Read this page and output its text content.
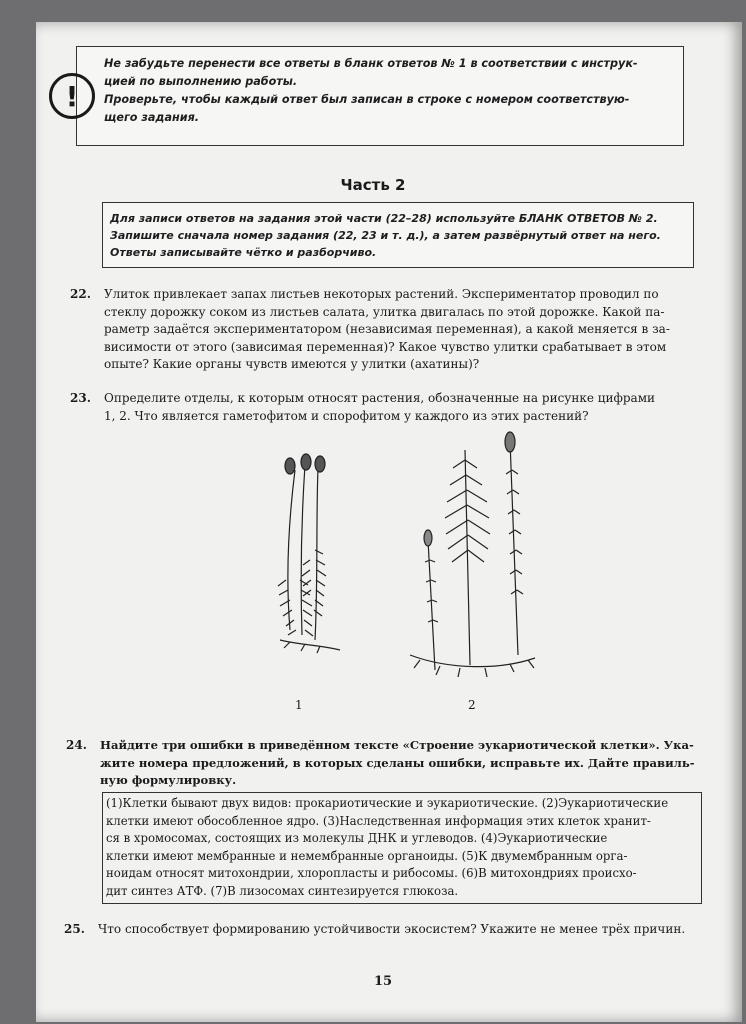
!
Не забудьте перенести все ответы в бланк ответов № 1 в соответствии с инструк-
цией по выполнению работы.
Проверьте, чтобы каждый ответ был записан в строке с номером соответствую-
щего задания.
Часть 2
Для записи ответов на задания этой части (22–28) используйте БЛАНК ОТВЕТОВ № 2.
Запишите сначала номер задания (22, 23 и т. д.), а затем развёрнутый ответ на него.
Ответы записывайте чётко и разборчиво.
22. Улиток привлекает запах листьев некоторых растений. Экспериментатор проводил по
стеклу дорожку соком из листьев салата, улитка двигалась по этой дорожке. Какой па-
раметр задаётся экспериментатором (независимая переменная), а какой меняется в за-
висимости от этого (зависимая переменная)? Какое чувство улитки срабатывает в этом
опыте? Какие органы чувств имеются у улитки (ахатины)?
23. Определите отделы, к которым относят растения, обозначенные на рисунке цифрами
1, 2. Что является гаметофитом и спорофитом у каждого из этих растений?
1	2
24. Найдите три ошибки в приведённом тексте «Строение эукариотической клетки». Ука-
жите номера предложений, в которых сделаны ошибки, исправьте их. Дайте правиль-
ную формулировку.
(1)Клетки бывают двух видов: прокариотические и эукариотические. (2)Эукариотические
клетки имеют обособленное ядро. (3)Наследственная информация этих клеток хранит-
ся в хромосомах, состоящих из молекулы ДНК и углеводов. (4)Эукариотические
клетки имеют мембранные и немембранные органоиды. (5)К двумембранным орга-
ноидам относят митохондрии, хлоропласты и рибосомы. (6)В митохондриях происхо-
дит синтез АТФ. (7)В лизосомах синтезируется глюкоза.
25. Что способствует формированию устойчивости экосистем? Укажите не менее трёх причин.
15
